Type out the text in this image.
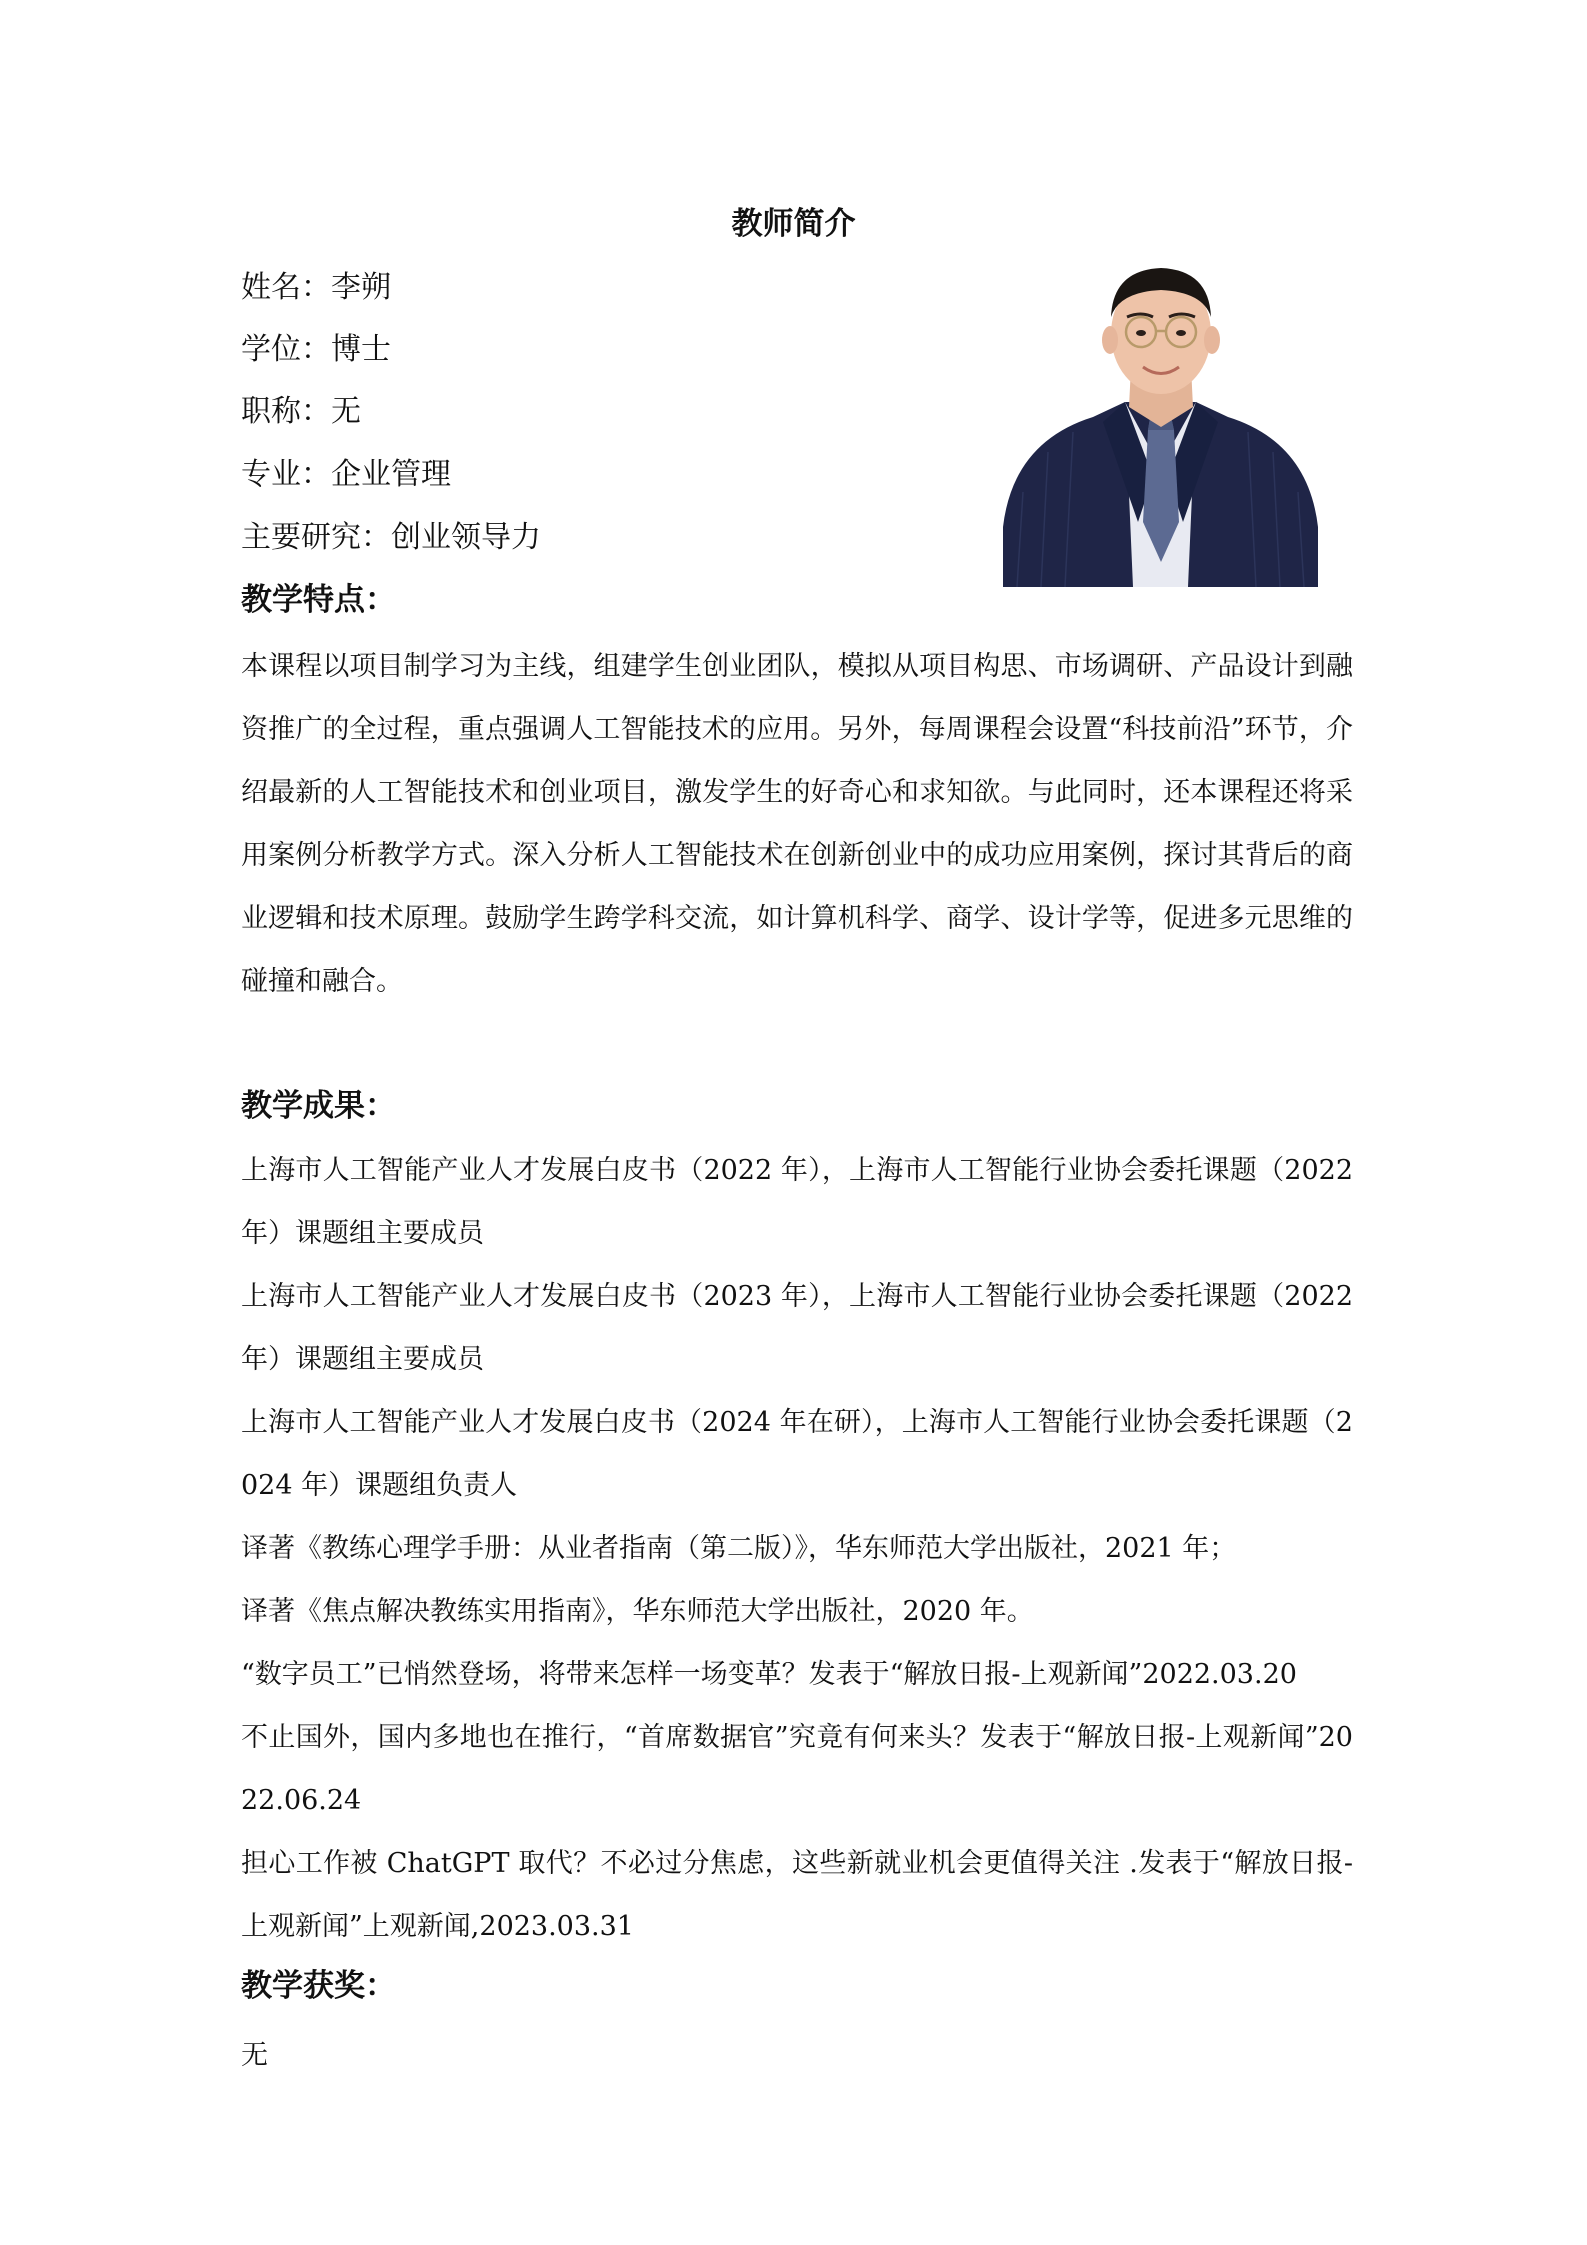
教师简介
姓名：李朔
学位：博士
职称：无
专业：企业管理
主要研究：创业领导力
教学特点：
本课程以项目制学习为主线，组建学生创业团队，模拟从项目构思、市场调研、产品设计到融资推广的全过程，重点强调人工智能技术的应用。另外，每周课程会设置“科技前沿”环节，介绍最新的人工智能技术和创业项目，激发学生的好奇心和求知欲。与此同时，还本课程还将采用案例分析教学方式。深入分析人工智能技术在创新创业中的成功应用案例，探讨其背后的商业逻辑和技术原理。鼓励学生跨学科交流，如计算机科学、商学、设计学等，促进多元思维的碰撞和融合。
教学成果：
上海市人工智能产业人才发展白皮书（2022 年），上海市人工智能行业协会委托课题（2022 年）课题组主要成员
上海市人工智能产业人才发展白皮书（2023 年），上海市人工智能行业协会委托课题（2022 年）课题组主要成员
上海市人工智能产业人才发展白皮书（2024 年在研），上海市人工智能行业协会委托课题（2024 年）课题组负责人
译著《教练心理学手册：从业者指南（第二版）》，华东师范大学出版社，2021 年；
译著《焦点解决教练实用指南》，华东师范大学出版社，2020 年。
“数字员工”已悄然登场，将带来怎样一场变革？发表于“解放日报-上观新闻”2022.03.20
不止国外，国内多地也在推行，“首席数据官”究竟有何来头？发表于“解放日报-上观新闻”2022.06.24
担心工作被 ChatGPT 取代？不必过分焦虑，这些新就业机会更值得关注 .发表于“解放日报-上观新闻”上观新闻,2023.03.31
教学获奖：
无
